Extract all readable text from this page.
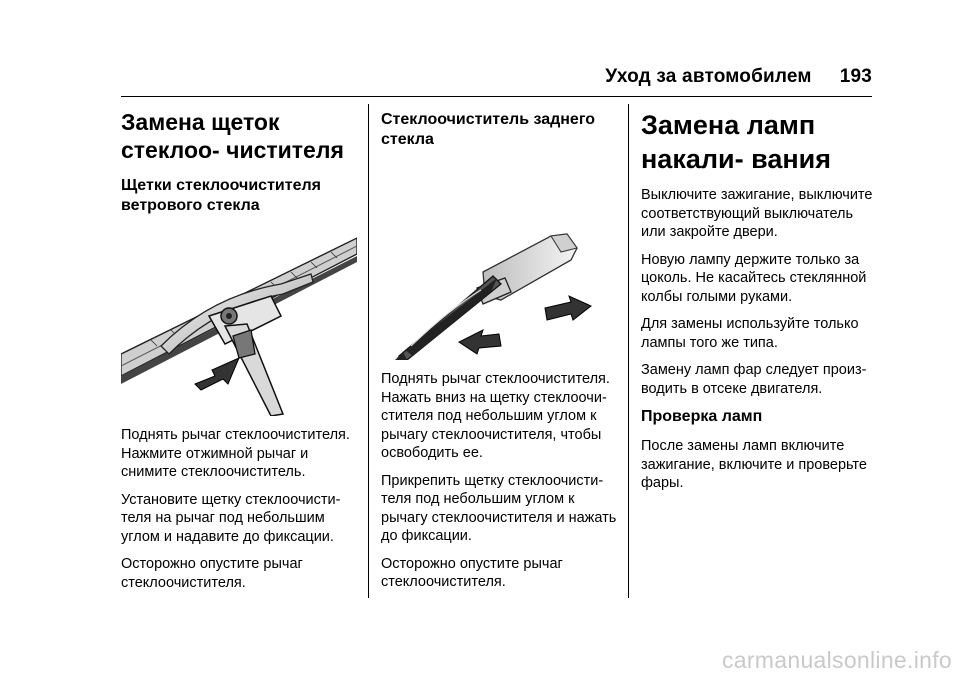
Уход за автомобилем 193
Замена щеток стеклоо‑ чистителя
Щетки стеклоочистителя ветрового стекла

Поднять рычаг стеклоочистителя. Нажмите отжимной рычаг и снимите стеклоочиститель.

Установите щетку стеклоочисти‑ теля на рычаг под небольшим углом и надавите до фиксации.

Осторожно опустите рычаг стеклоочистителя.

Стеклоочиститель заднего стекла

Поднять рычаг стеклоочистителя. Нажать вниз на щетку стеклоочи‑ стителя под небольшим углом к рычагу стеклоочистителя, чтобы освободить ее.

Прикрепить щетку стеклоочисти‑ теля под небольшим углом к рычагу стеклоочистителя и нажать до фиксации.

Осторожно опустите рычаг стеклоочистителя.

Замена ламп накали‑ вания

Выключите зажигание, выключите соответствующий выключатель или закройте двери.

Новую лампу держите только за цоколь. Не касайтесь стеклянной колбы голыми руками.

Для замены используйте только лампы того же типа.

Замену ламп фар следует произ‑ водить в отсеке двигателя.

Проверка ламп

После замены ламп включите зажигание, включите и проверьте фары.

carmanualsonline.info
